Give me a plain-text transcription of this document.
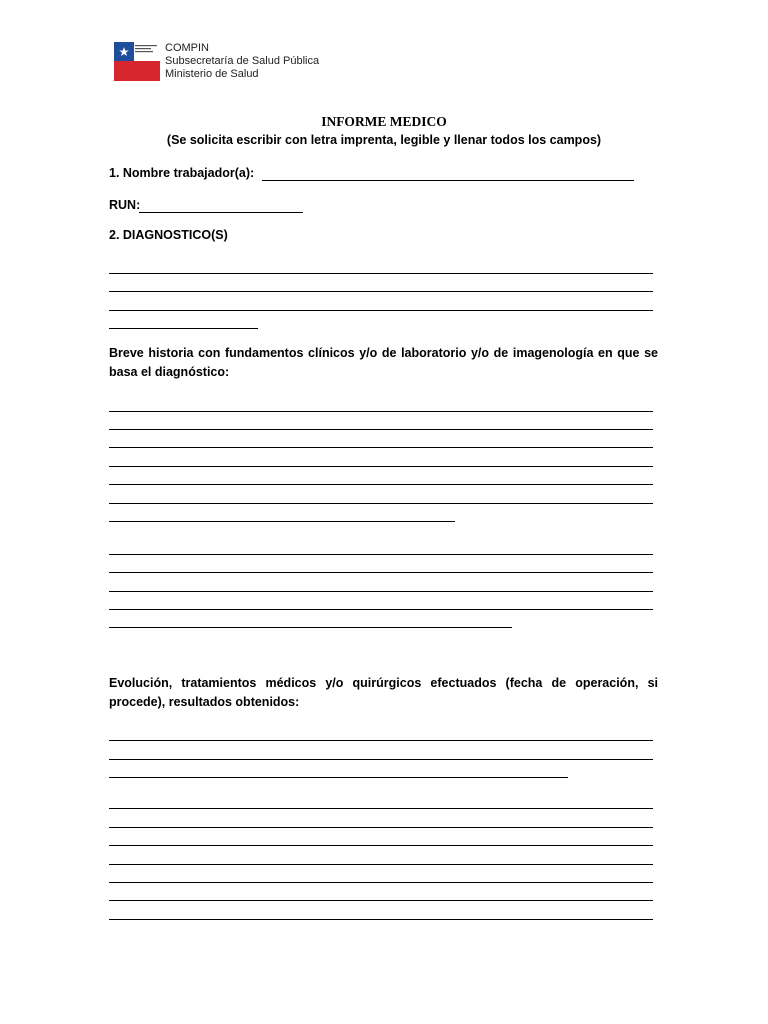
COMPIN
Subsecretaría de Salud Pública
Ministerio de Salud
INFORME MEDICO
(Se solicita escribir con letra imprenta, legible y llenar todos los campos)
1. Nombre trabajador(a):
RUN:
2. DIAGNOSTICO(S)
Breve historia con fundamentos clínicos y/o de laboratorio y/o de imagenología en que se basa el diagnóstico:
Evolución, tratamientos médicos y/o quirúrgicos efectuados (fecha de operación, si procede), resultados obtenidos:
